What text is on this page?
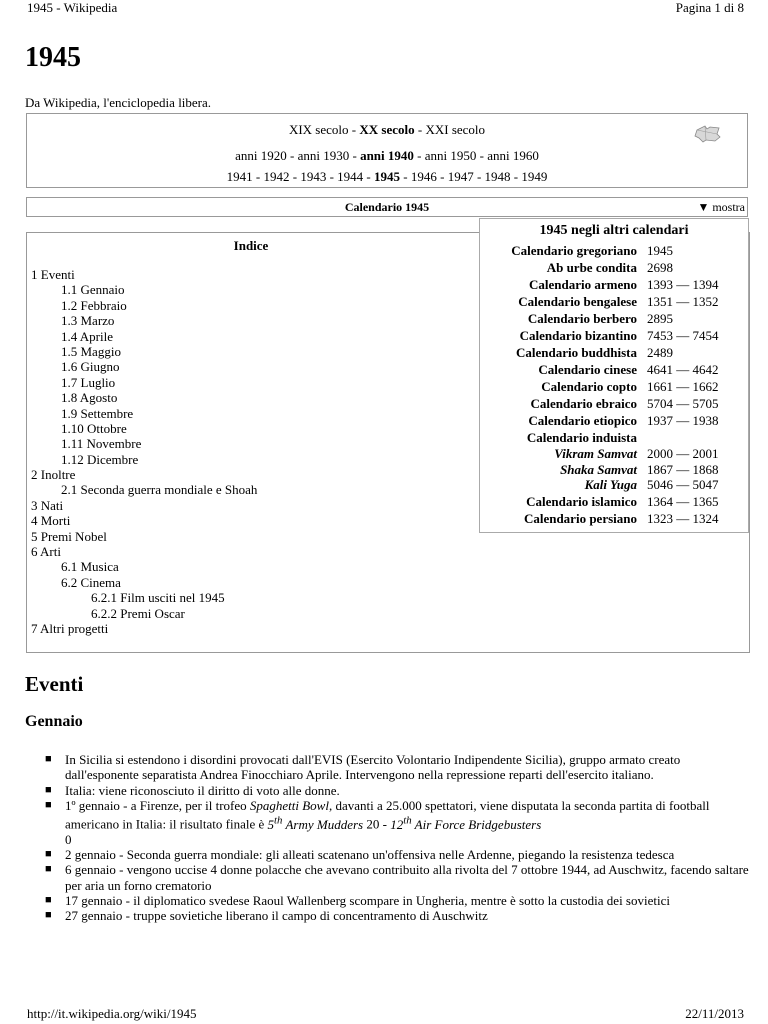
1945 - Wikipedia	Pagina 1 di 8
1945
Da Wikipedia, l'enciclopedia libera.
XIX secolo - XX secolo - XXI secolo
anni 1920 - anni 1930 - anni 1940 - anni 1950 - anni 1960
1941 - 1942 - 1943 - 1944 - 1945 - 1946 - 1947 - 1948 - 1949
Calendario 1945	▼ mostra
Indice
1 Eventi
1.1 Gennaio
1.2 Febbraio
1.3 Marzo
1.4 Aprile
1.5 Maggio
1.6 Giugno
1.7 Luglio
1.8 Agosto
1.9 Settembre
1.10 Ottobre
1.11 Novembre
1.12 Dicembre
2 Inoltre
2.1 Seconda guerra mondiale e Shoah
3 Nati
4 Morti
5 Premi Nobel
6 Arti
6.1 Musica
6.2 Cinema
6.2.1 Film usciti nel 1945
6.2.2 Premi Oscar
7 Altri progetti
1945 negli altri calendari
Calendario gregoriano	1945
Ab urbe condita	2698
Calendario armeno	1393 — 1394
Calendario bengalese	1351 — 1352
Calendario berbero	2895
Calendario bizantino	7453 — 7454
Calendario buddhista	2489
Calendario cinese	4641 — 4642
Calendario copto	1661 — 1662
Calendario ebraico	5704 — 5705
Calendario etiopico	1937 — 1938
Calendario induista	
Vikram Samvat	2000 — 2001
Shaka Samvat	1867 — 1868
Kali Yuga	5046 — 5047
Calendario islamico	1364 — 1365
Calendario persiano	1323 — 1324
Eventi
Gennaio
■ In Sicilia si estendono i disordini provocati dall'EVIS (Esercito Volontario Indipendente Sicilia), gruppo armato creato dall'esponente separatista Andrea Finocchiaro Aprile. Intervengono nella repressione reparti dell'esercito italiano.
■ Italia: viene riconosciuto il diritto di voto alle donne.
■ 1º gennaio - a Firenze, per il trofeo Spaghetti Bowl, davanti a 25.000 spettatori, viene disputata la seconda partita di football americano in Italia: il risultato finale è 5th Army Mudders 20 - 12th Air Force Bridgebusters
0
■ 2 gennaio - Seconda guerra mondiale: gli alleati scatenano un'offensiva nelle Ardenne, piegando la resistenza tedesca
■ 6 gennaio - vengono uccise 4 donne polacche che avevano contribuito alla rivolta del 7 ottobre 1944, ad Auschwitz, facendo saltare per aria un forno crematorio
■ 17 gennaio - il diplomatico svedese Raoul Wallenberg scompare in Ungheria, mentre è sotto la custodia dei sovietici
■ 27 gennaio - truppe sovietiche liberano il campo di concentramento di Auschwitz
http://it.wikipedia.org/wiki/1945	22/11/2013
